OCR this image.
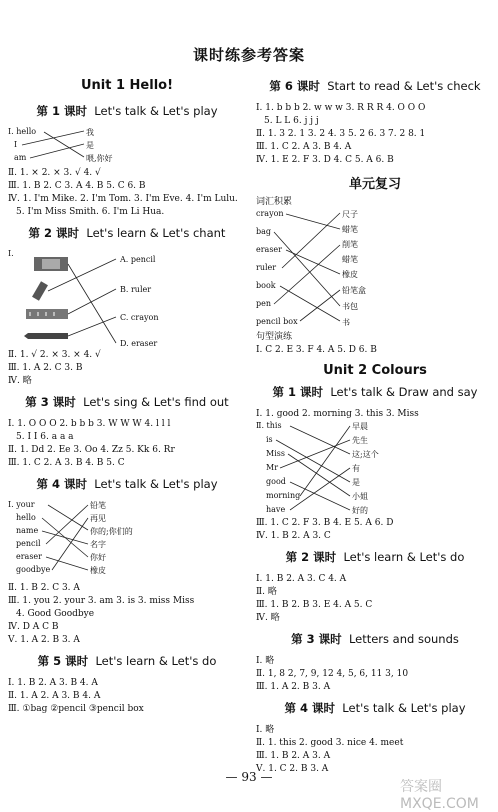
课时练参考答案
Unit 1 Hello!
第 1 课时 Let's talk & Let's play
Ⅰ. hello
I
am
我
是
喂,你好
Ⅱ. 1. × 2. × 3. √ 4. √
Ⅲ. 1. B 2. C 3. A 4. B 5. C 6. B
Ⅳ. 1. I'm Mike. 2. I'm Tom. 3. I'm Eve. 4. I'm Lulu.
5. I'm Miss Smith. 6. I'm Li Hua.
第 2 课时 Let's learn & Let's chant
Ⅰ.
A. pencil
B. ruler
C. crayon
D. eraser
Ⅱ. 1. √ 2. × 3. × 4. √
Ⅲ. 1. A 2. C 3. B
Ⅳ. 略
第 3 课时 Let's sing & Let's find out
Ⅰ. 1. O O O 2. b b b 3. W W W 4. l l l
5. I I 6. a a a
Ⅱ. 1. Dd 2. Ee 3. Oo 4. Zz 5. Kk 6. Rr
Ⅲ. 1. C 2. A 3. B 4. B 5. C
第 4 课时 Let's talk & Let's play
Ⅰ. your
hello
name
pencil
eraser
goodbye
铅笔
再见
你的;你们的
名字
你好
橡皮
Ⅱ. 1. B 2. C 3. A
Ⅲ. 1. you 2. your 3. am 3. is 3. miss Miss
4. Good Goodbye
Ⅳ. D A C B
Ⅴ. 1. A 2. B 3. A
第 5 课时 Let's learn & Let's do
Ⅰ. 1. B 2. A 3. B 4. A
Ⅱ. 1. A 2. A 3. B 4. A
Ⅲ. ①bag ②pencil ③pencil box
第 6 课时 Start to read & Let's check
Ⅰ. 1. b b b 2. w w w 3. R R R 4. O O O
5. L L 6. j j j
Ⅱ. 1. 3 2. 1 3. 2 4. 3 5. 2 6. 3 7. 2 8. 1
Ⅲ. 1. C 2. A 3. B 4. A
Ⅳ. 1. E 2. F 3. D 4. C 5. A 6. B
单元复习
词汇积累
crayon
bag
eraser
ruler
book
pen
pencil box
尺子
蜡笔
削笔
蜡笔
橡皮
铅笔盒
书包
书
句型演练
Ⅰ. C 2. E 3. F 4. A 5. D 6. B
Unit 2 Colours
第 1 课时 Let's talk & Draw and say
Ⅰ. 1. good 2. morning 3. this 3. Miss
Ⅱ. this
is
Miss
Mr
good
morning
have
早晨
先生
这;这个
有
是
小姐
好的
Ⅲ. 1. C 2. F 3. B 4. E 5. A 6. D
Ⅳ. 1. B 2. A 3. C
第 2 课时 Let's learn & Let's do
Ⅰ. 1. B 2. A 3. C 4. A
Ⅱ. 略
Ⅲ. 1. B 2. B 3. E 4. A 5. C
Ⅳ. 略
第 3 课时 Letters and sounds
Ⅰ. 略
Ⅱ. 1, 8 2, 7, 9, 12 4, 5, 6, 11 3, 10
Ⅲ. 1. A 2. B 3. A
第 4 课时 Let's talk & Let's play
Ⅰ. 略
Ⅱ. 1. this 2. good 3. nice 4. meet
Ⅲ. 1. B 2. A 3. A
Ⅴ. 1. C 2. B 3. A
— 93 —
答案圈 MXQE.COM
